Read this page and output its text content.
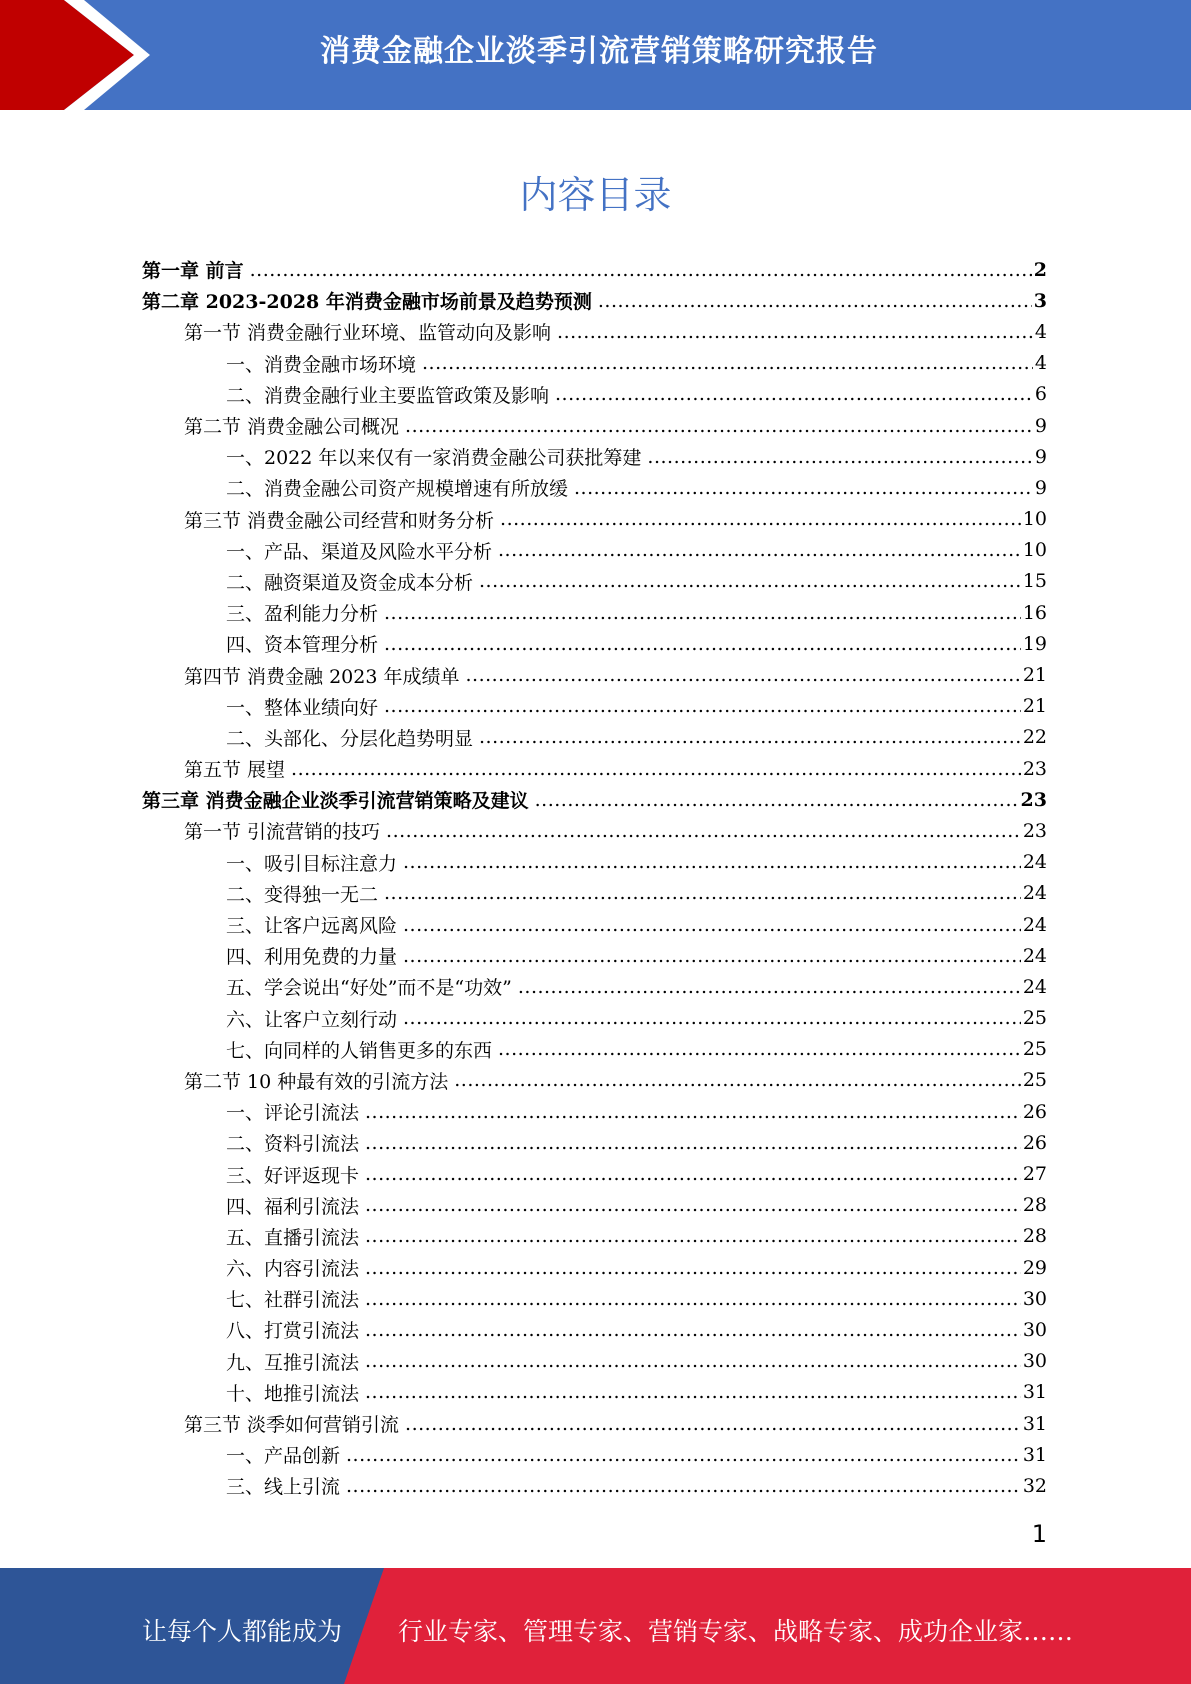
消费金融企业淡季引流营销策略研究报告
内容目录
第一章 前言 .....	2
第二章 2023-2028 年消费金融市场前景及趋势预测 .....	3
第一节 消费金融行业环境、监管动向及影响 .....	4
一、消费金融市场环境 .....	4
二、消费金融行业主要监管政策及影响 .....	6
第二节 消费金融公司概况 .....	9
一、2022 年以来仅有一家消费金融公司获批筹建 .....	9
二、消费金融公司资产规模增速有所放缓 .....	9
第三节 消费金融公司经营和财务分析 .....	10
一、产品、渠道及风险水平分析 .....	10
二、融资渠道及资金成本分析 .....	15
三、盈利能力分析 .....	16
四、资本管理分析 .....	19
第四节 消费金融 2023 年成绩单 .....	21
一、整体业绩向好 .....	21
二、头部化、分层化趋势明显 .....	22
第五节 展望 .....	23
第三章 消费金融企业淡季引流营销策略及建议 .....	23
第一节 引流营销的技巧 .....	23
一、吸引目标注意力 .....	24
二、变得独一无二 .....	24
三、让客户远离风险 .....	24
四、利用免费的力量 .....	24
五、学会说出“好处”而不是“功效” .....	24
六、让客户立刻行动 .....	25
七、向同样的人销售更多的东西 .....	25
第二节 10 种最有效的引流方法 .....	25
一、评论引流法 .....	26
二、资料引流法 .....	26
三、好评返现卡 .....	27
四、福利引流法 .....	28
五、直播引流法 .....	28
六、内容引流法 .....	29
七、社群引流法 .....	30
八、打赏引流法 .....	30
九、互推引流法 .....	30
十、地推引流法 .....	31
第三节 淡季如何营销引流 .....	31
一、产品创新 .....	31
三、线上引流 .....	32
1
让每个人都能成为 行业专家、管理专家、营销专家、战略专家、成功企业家……
